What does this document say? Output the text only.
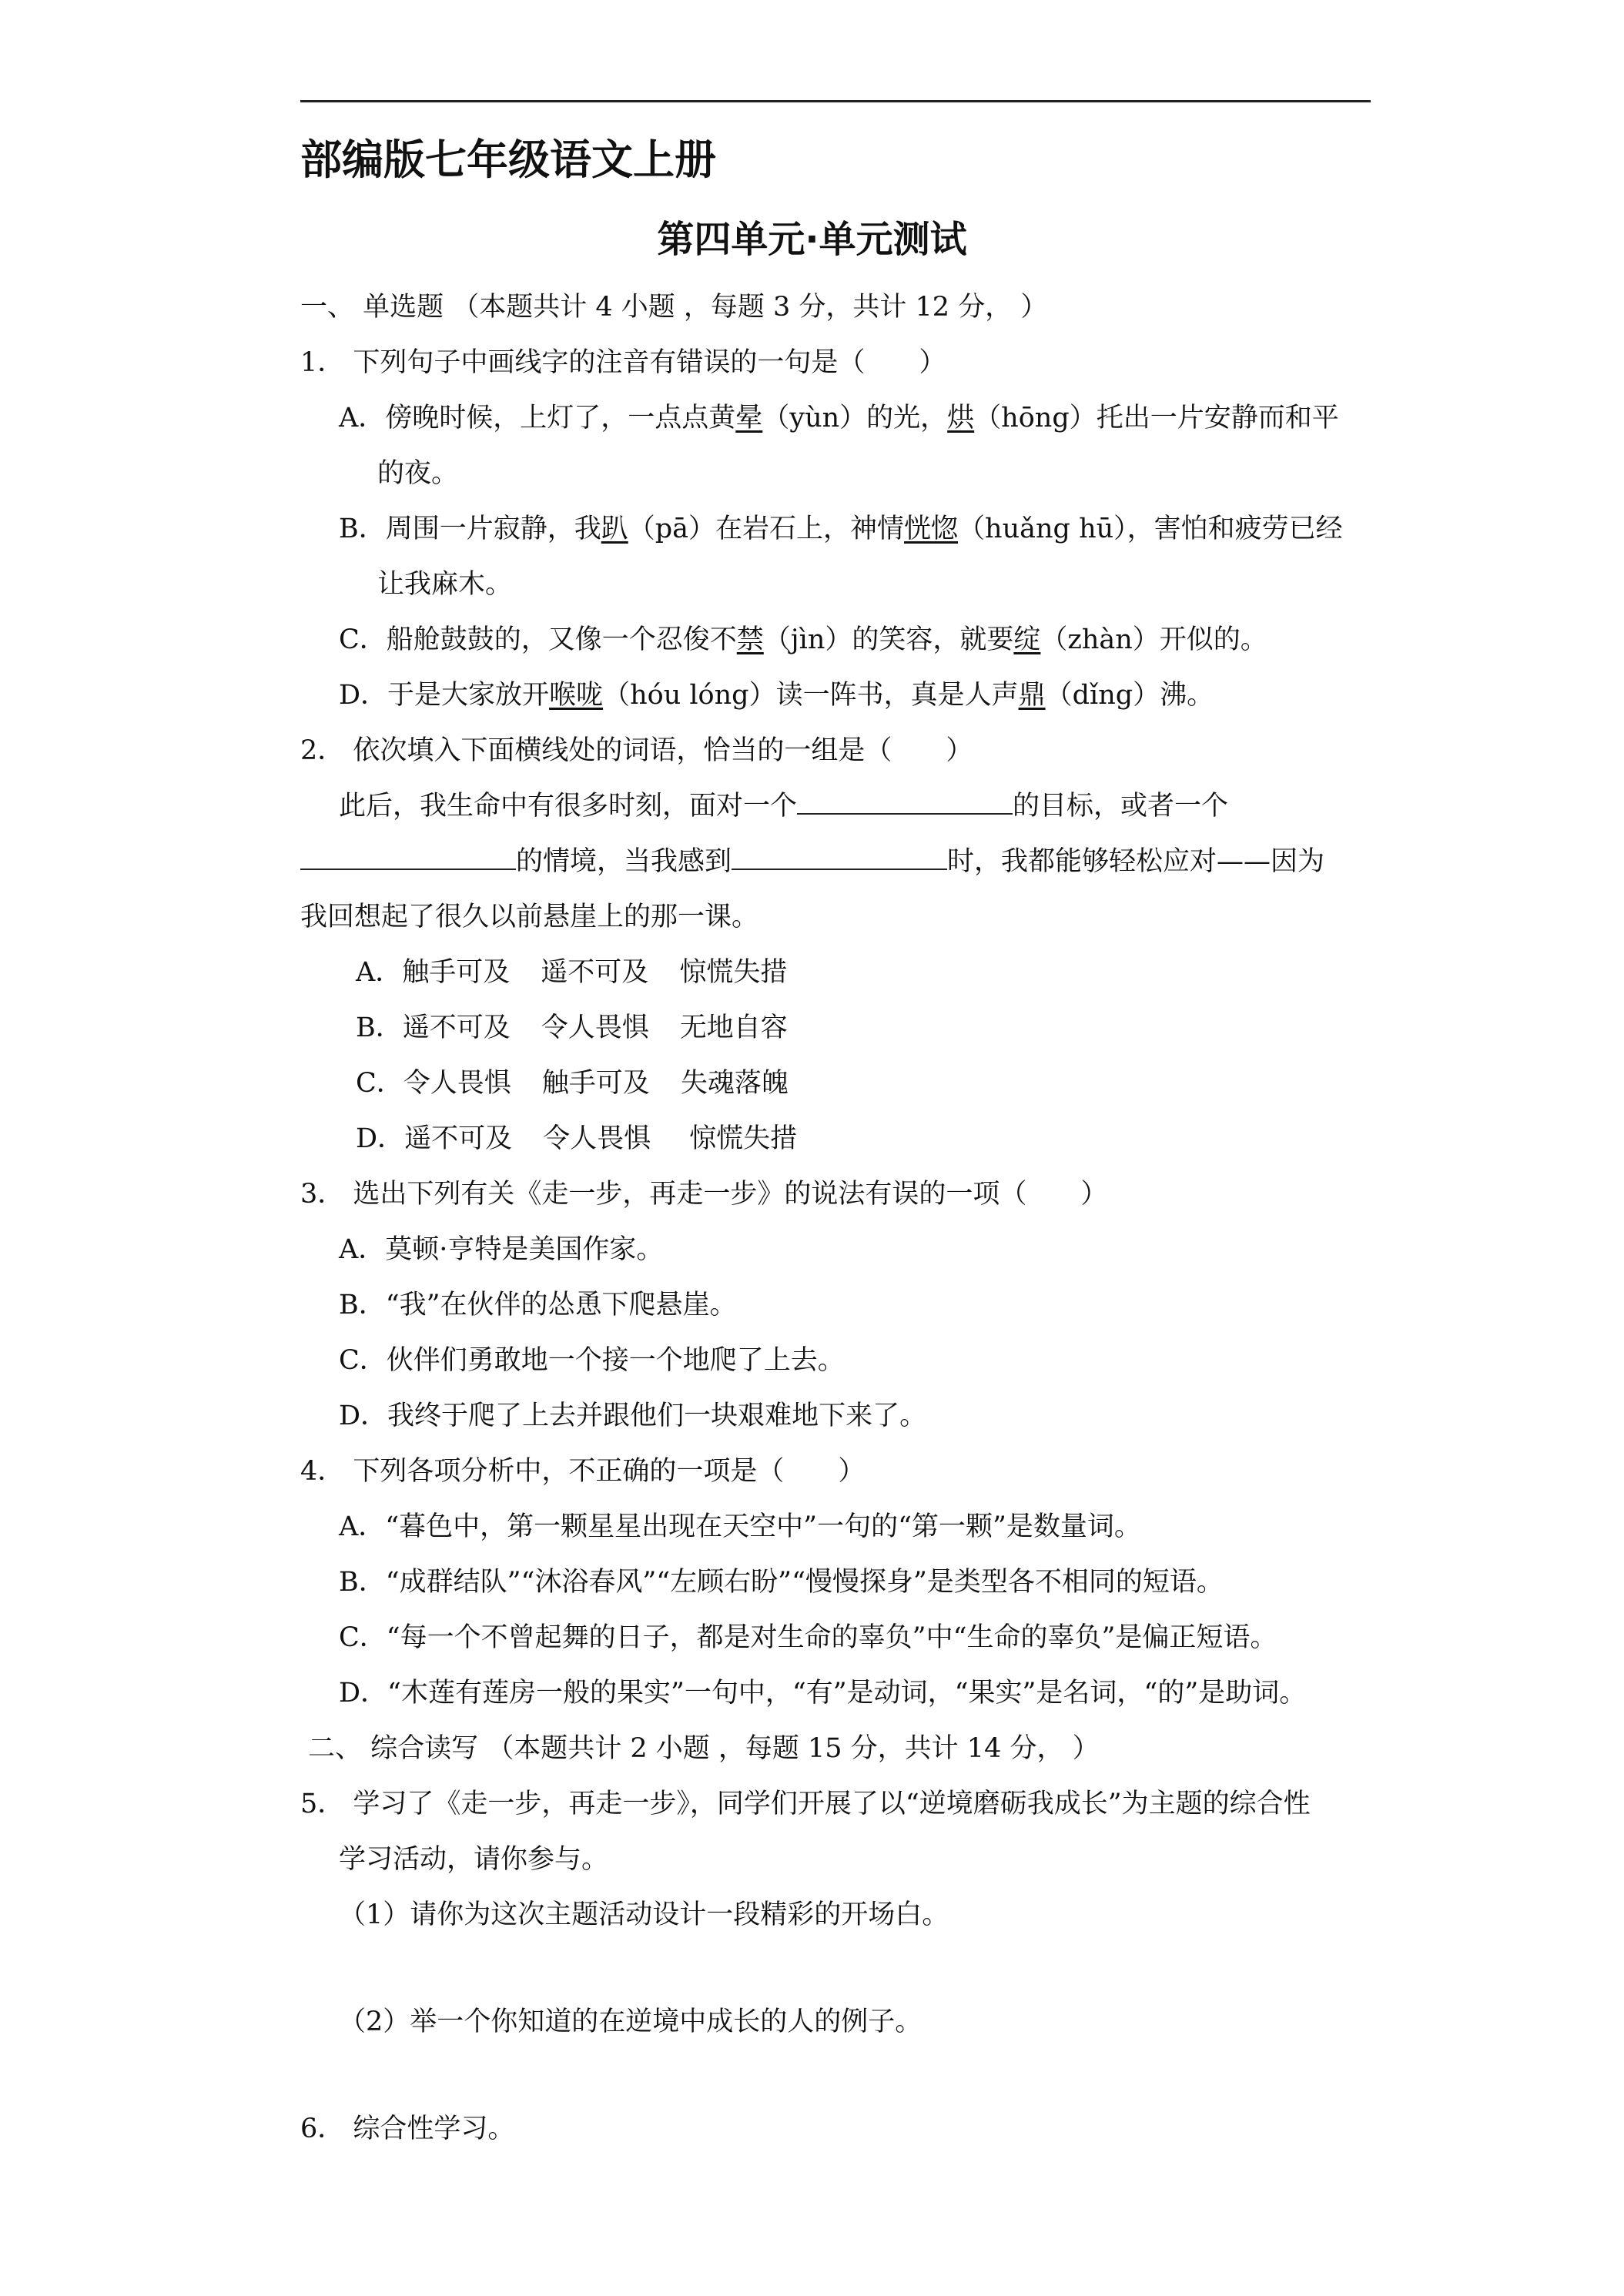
部编版七年级语文上册
第四单元·单元测试
一、 单选题 （本题共计 4 小题 ，每题 3 分，共计 12 分， ）
1． 下列句子中画线字的注音有错误的一句是（　　）
A．傍晚时候，上灯了，一点点黄晕（yùn）的光，烘（hōng）托出一片安静而和平
的夜。
B．周围一片寂静，我趴（pā）在岩石上，神情恍惚（huǎng hū），害怕和疲劳已经
让我麻木。
C．船舱鼓鼓的，又像一个忍俊不禁（jìn）的笑容，就要绽（zhàn）开似的。
D．于是大家放开喉咙（hóu lóng）读一阵书，真是人声鼎（dǐng）沸。
2． 依次填入下面横线处的词语，恰当的一组是（　　）
此后，我生命中有很多时刻，面对一个	的目标，或者一个
的情境，当我感到	时，我都能够轻松应对——因为
我回想起了很久以前悬崖上的那一课。
A．触手可及 遥不可及 惊慌失措
B．遥不可及 令人畏惧 无地自容
C．令人畏惧 触手可及 失魂落魄
D．遥不可及 令人畏惧 惊慌失措
3． 选出下列有关《走一步，再走一步》的说法有误的一项（　　）
A．莫顿·亨特是美国作家。
B．“我”在伙伴的怂恿下爬悬崖。
C．伙伴们勇敢地一个接一个地爬了上去。
D．我终于爬了上去并跟他们一块艰难地下来了。
4． 下列各项分析中，不正确的一项是（　　）
A．“暮色中，第一颗星星出现在天空中”一句的“第一颗”是数量词。
B．“成群结队”“沐浴春风”“左顾右盼”“慢慢探身”是类型各不相同的短语。
C．“每一个不曾起舞的日子，都是对生命的辜负”中“生命的辜负”是偏正短语。
D．“木莲有莲房一般的果实”一句中，“有”是动词，“果实”是名词，“的”是助词。
二、 综合读写 （本题共计 2 小题 ，每题 15 分，共计 14 分， ）
5． 学习了《走一步，再走一步》，同学们开展了以“逆境磨砺我成长”为主题的综合性
学习活动，请你参与。
（1）请你为这次主题活动设计一段精彩的开场白。
（2）举一个你知道的在逆境中成长的人的例子。
6． 综合性学习。
